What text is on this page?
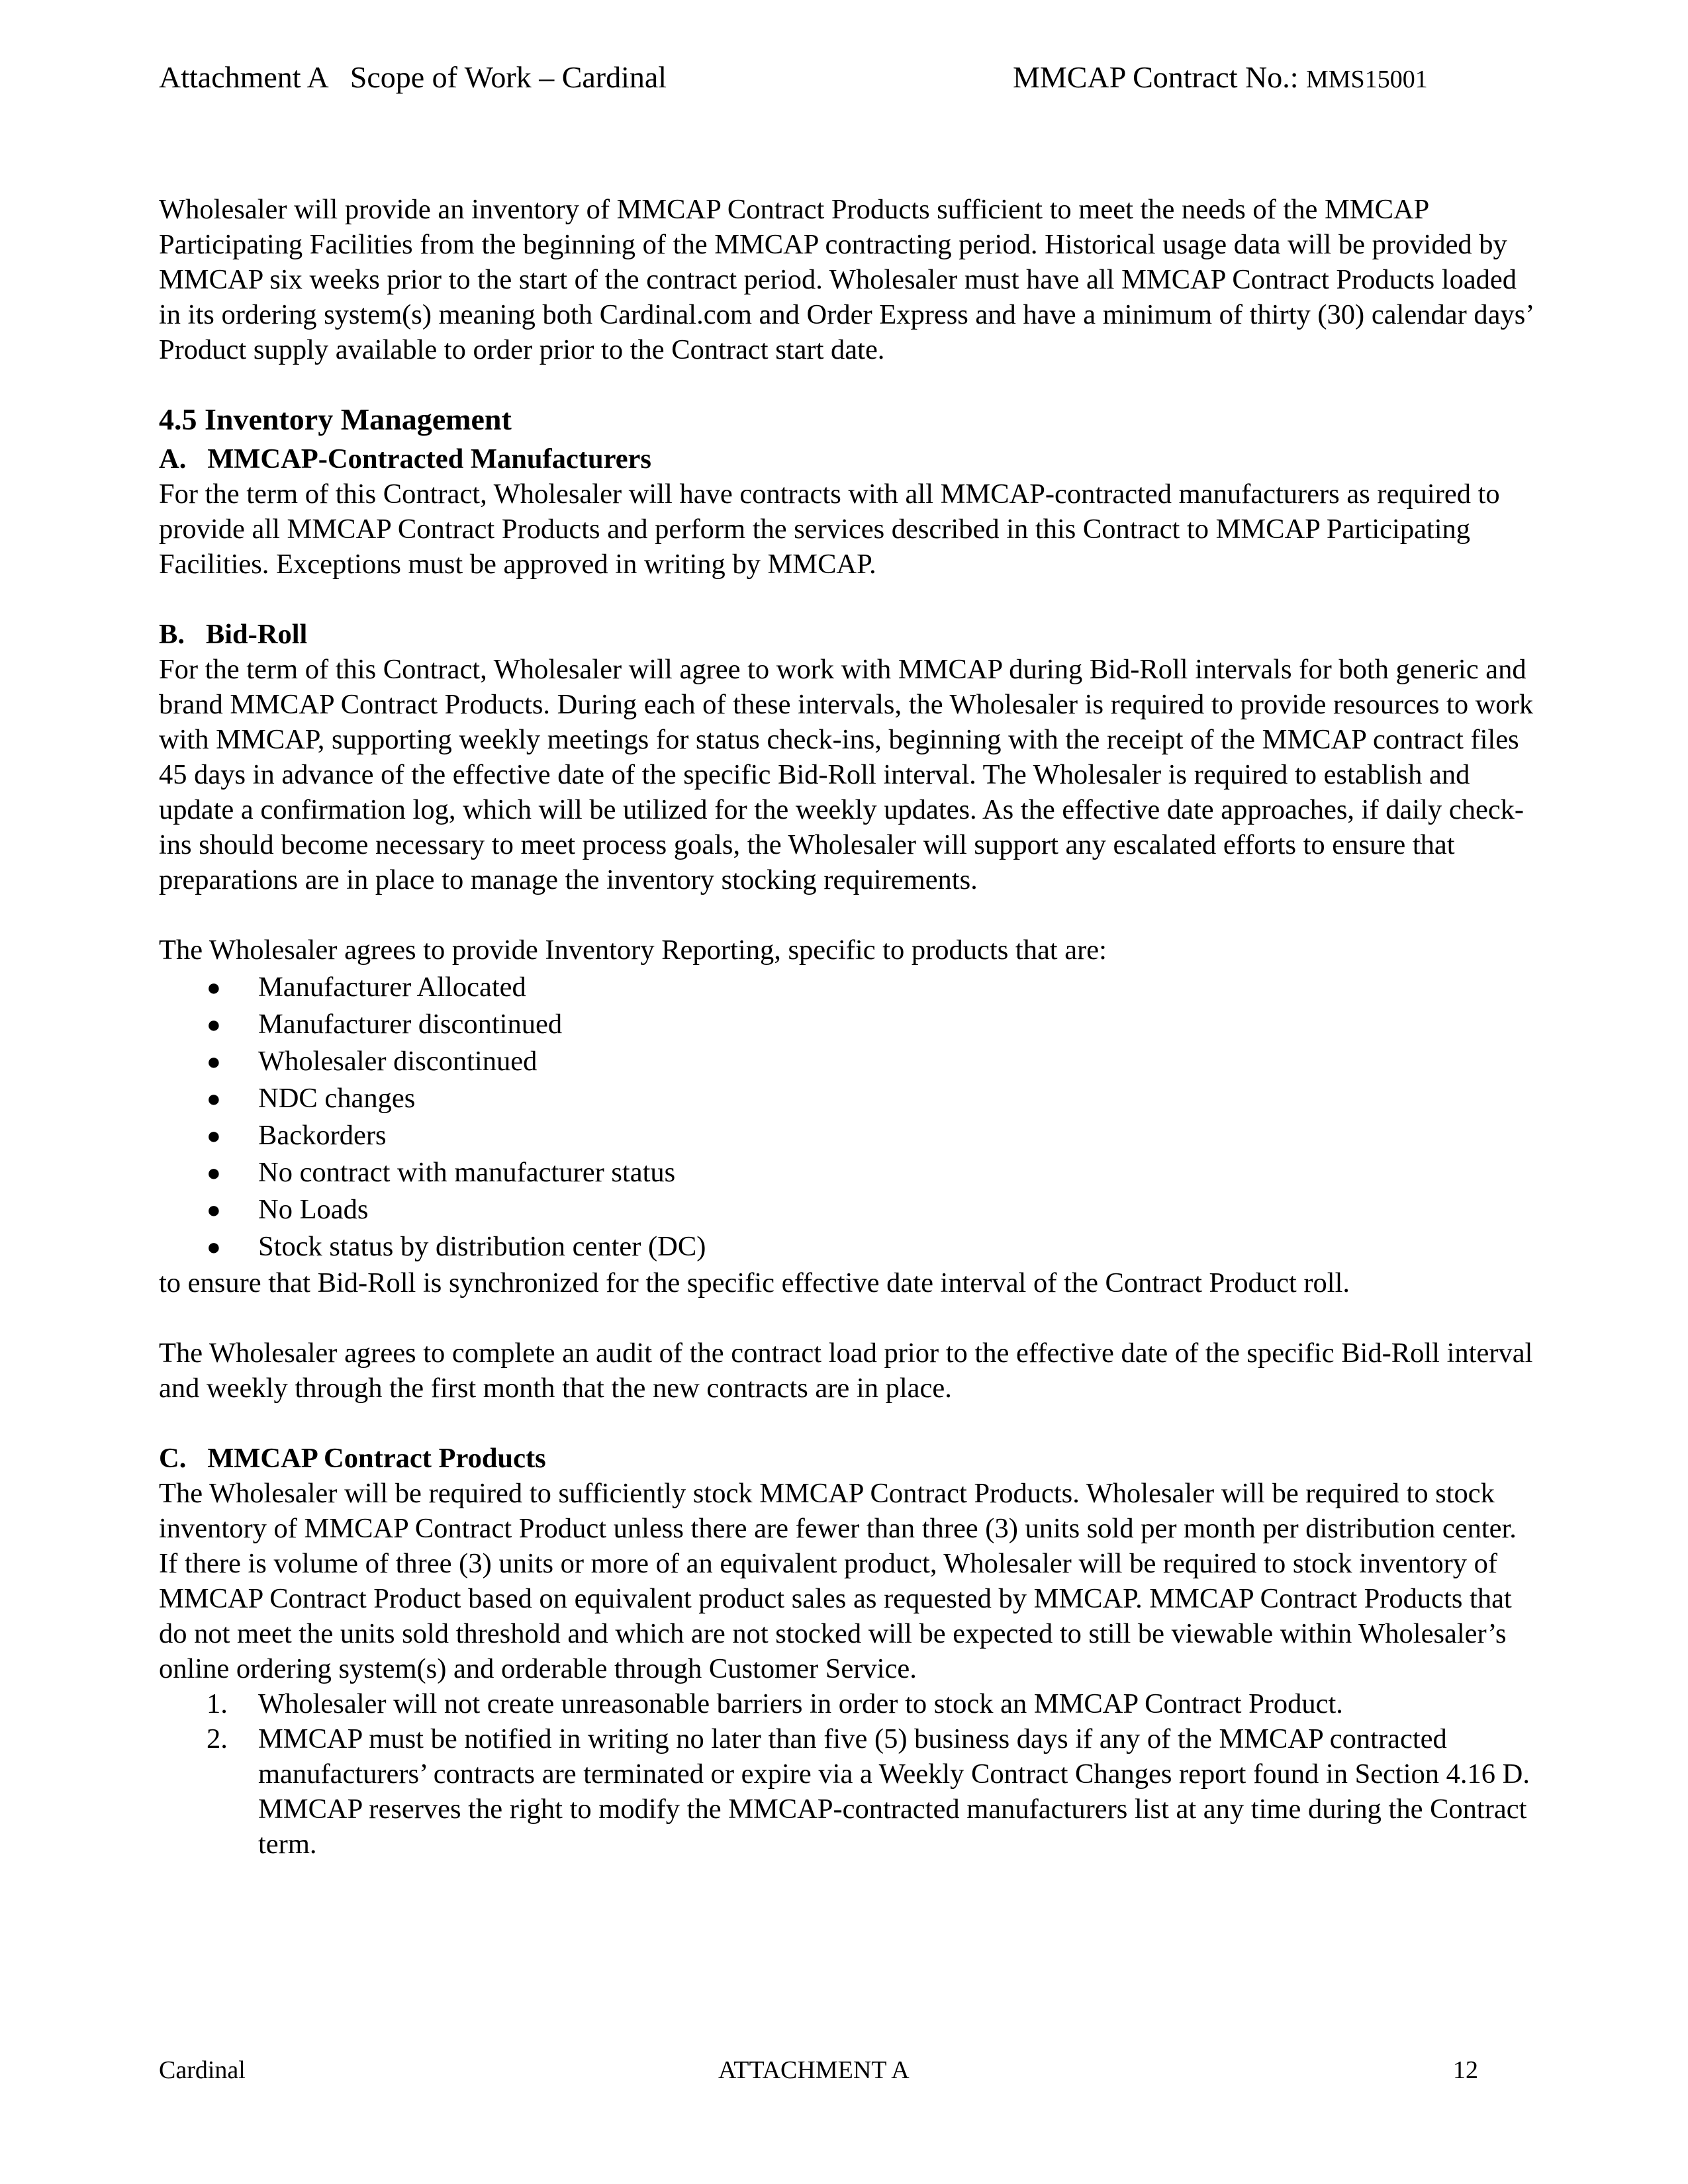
Attachment A   Scope of Work – Cardinal	MMCAP Contract No.: MMS15001

Wholesaler will provide an inventory of MMCAP Contract Products sufficient to meet the needs of the MMCAP Participating Facilities from the beginning of the MMCAP contracting period. Historical usage data will be provided by MMCAP six weeks prior to the start of the contract period. Wholesaler must have all MMCAP Contract Products loaded in its ordering system(s) meaning both Cardinal.com and Order Express and have a minimum of thirty (30) calendar days’ Product supply available to order prior to the Contract start date.

4.5 Inventory Management

A.   MMCAP-Contracted Manufacturers

For the term of this Contract, Wholesaler will have contracts with all MMCAP-contracted manufacturers as required to provide all MMCAP Contract Products and perform the services described in this Contract to MMCAP Participating Facilities. Exceptions must be approved in writing by MMCAP.

B.   Bid-Roll

For the term of this Contract, Wholesaler will agree to work with MMCAP during Bid-Roll intervals for both generic and brand MMCAP Contract Products. During each of these intervals, the Wholesaler is required to provide resources to work with MMCAP, supporting weekly meetings for status check-ins, beginning with the receipt of the MMCAP contract files 45 days in advance of the effective date of the specific Bid-Roll interval. The Wholesaler is required to establish and update a confirmation log, which will be utilized for the weekly updates. As the effective date approaches, if daily check-ins should become necessary to meet process goals, the Wholesaler will support any escalated efforts to ensure that preparations are in place to manage the inventory stocking requirements.

The Wholesaler agrees to provide Inventory Reporting, specific to products that are:

● Manufacturer Allocated
● Manufacturer discontinued
● Wholesaler discontinued
● NDC changes
● Backorders
● No contract with manufacturer status
● No Loads
● Stock status by distribution center (DC)

to ensure that Bid-Roll is synchronized for the specific effective date interval of the Contract Product roll.

The Wholesaler agrees to complete an audit of the contract load prior to the effective date of the specific Bid-Roll interval and weekly through the first month that the new contracts are in place.

C.   MMCAP Contract Products

The Wholesaler will be required to sufficiently stock MMCAP Contract Products. Wholesaler will be required to stock inventory of MMCAP Contract Product unless there are fewer than three (3) units sold per month per distribution center. If there is volume of three (3) units or more of an equivalent product, Wholesaler will be required to stock inventory of MMCAP Contract Product based on equivalent product sales as requested by MMCAP. MMCAP Contract Products that do not meet the units sold threshold and which are not stocked will be expected to still be viewable within Wholesaler’s online ordering system(s) and orderable through Customer Service.

1. Wholesaler will not create unreasonable barriers in order to stock an MMCAP Contract Product.
2. MMCAP must be notified in writing no later than five (5) business days if any of the MMCAP contracted manufacturers’ contracts are terminated or expire via a Weekly Contract Changes report found in Section 4.16 D. MMCAP reserves the right to modify the MMCAP-contracted manufacturers list at any time during the Contract term.
Cardinal	ATTACHMENT A	12
